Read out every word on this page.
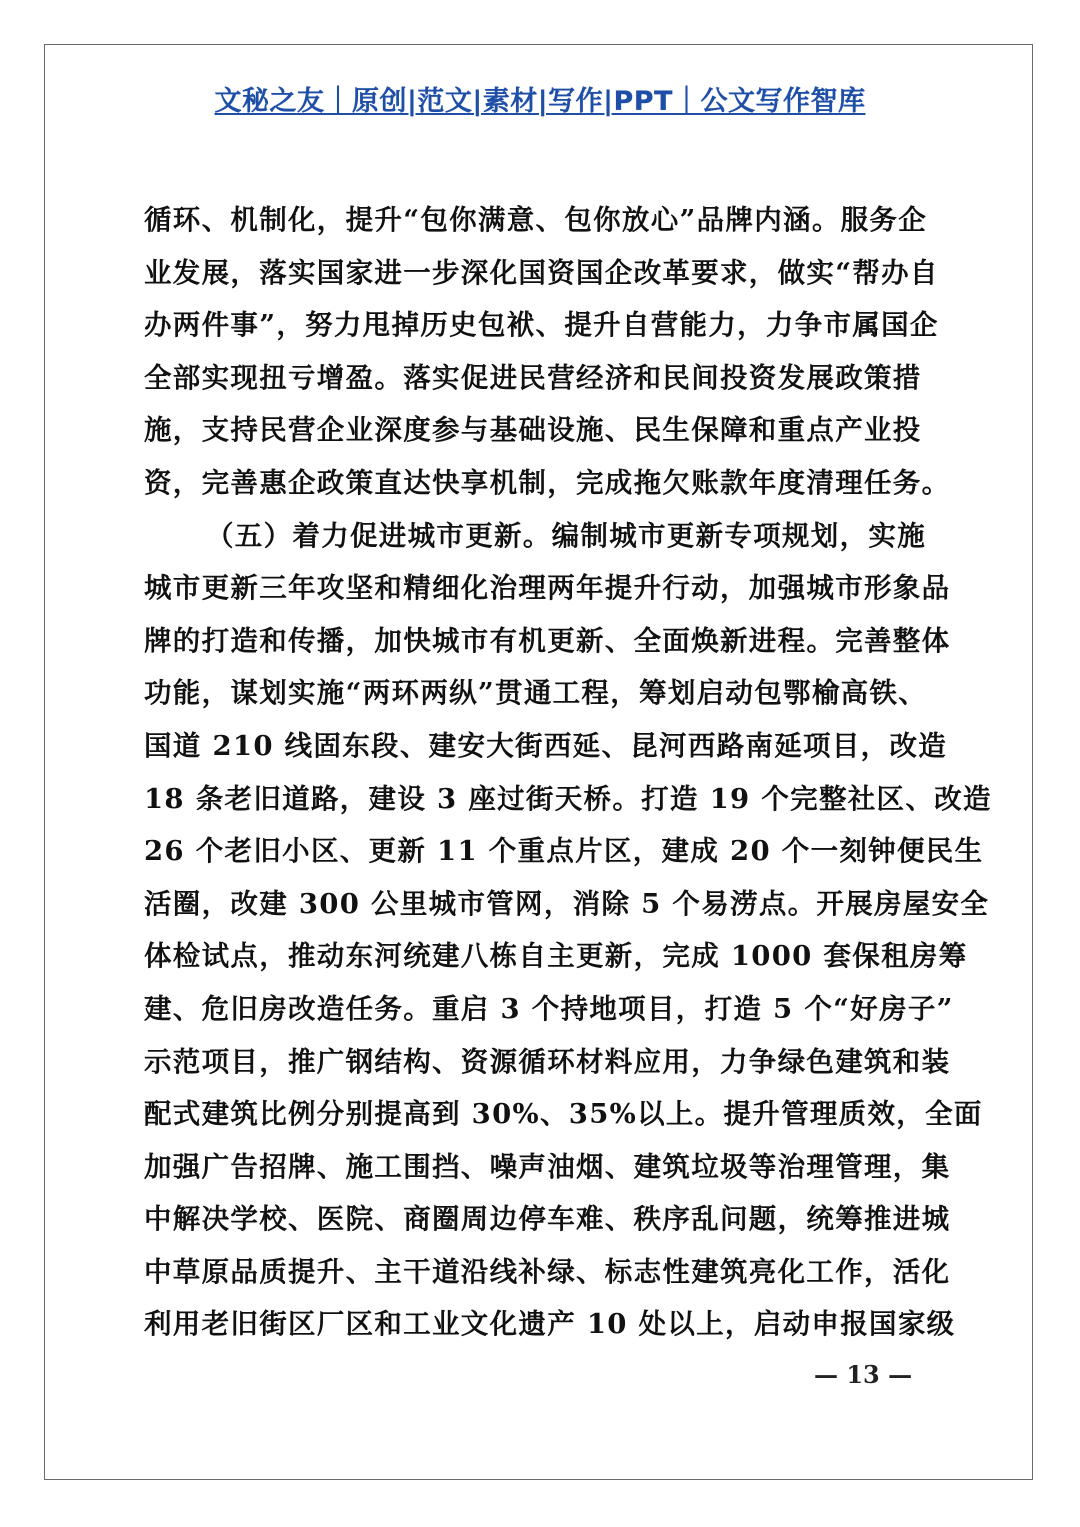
文秘之友｜原创|范文|素材|写作|PPT｜公文写作智库
循环、机制化，提升“包你满意、包你放心”品牌内涵。服务企
业发展，落实国家进一步深化国资国企改革要求，做实“帮办自
办两件事”，努力甩掉历史包袱、提升自营能力，力争市属国企
全部实现扭亏增盈。落实促进民营经济和民间投资发展政策措
施，支持民营企业深度参与基础设施、民生保障和重点产业投
资，完善惠企政策直达快享机制，完成拖欠账款年度清理任务。
（五）着力促进城市更新。编制城市更新专项规划，实施
城市更新三年攻坚和精细化治理两年提升行动，加强城市形象品
牌的打造和传播，加快城市有机更新、全面焕新进程。完善整体
功能，谋划实施“两环两纵”贯通工程，筹划启动包鄂榆高铁、
国道 210 线固东段、建安大街西延、昆河西路南延项目，改造
18 条老旧道路，建设 3 座过街天桥。打造 19 个完整社区、改造
26 个老旧小区、更新 11 个重点片区，建成 20 个一刻钟便民生
活圈，改建 300 公里城市管网，消除 5 个易涝点。开展房屋安全
体检试点，推动东河统建八栋自主更新，完成 1000 套保租房筹
建、危旧房改造任务。重启 3 个持地项目，打造 5 个“好房子”
示范项目，推广钢结构、资源循环材料应用，力争绿色建筑和装
配式建筑比例分别提高到 30%、35%以上。提升管理质效，全面
加强广告招牌、施工围挡、噪声油烟、建筑垃圾等治理管理，集
中解决学校、医院、商圈周边停车难、秩序乱问题，统筹推进城
中草原品质提升、主干道沿线补绿、标志性建筑亮化工作，活化
利用老旧街区厂区和工业文化遗产 10 处以上，启动申报国家级
— 13 —
